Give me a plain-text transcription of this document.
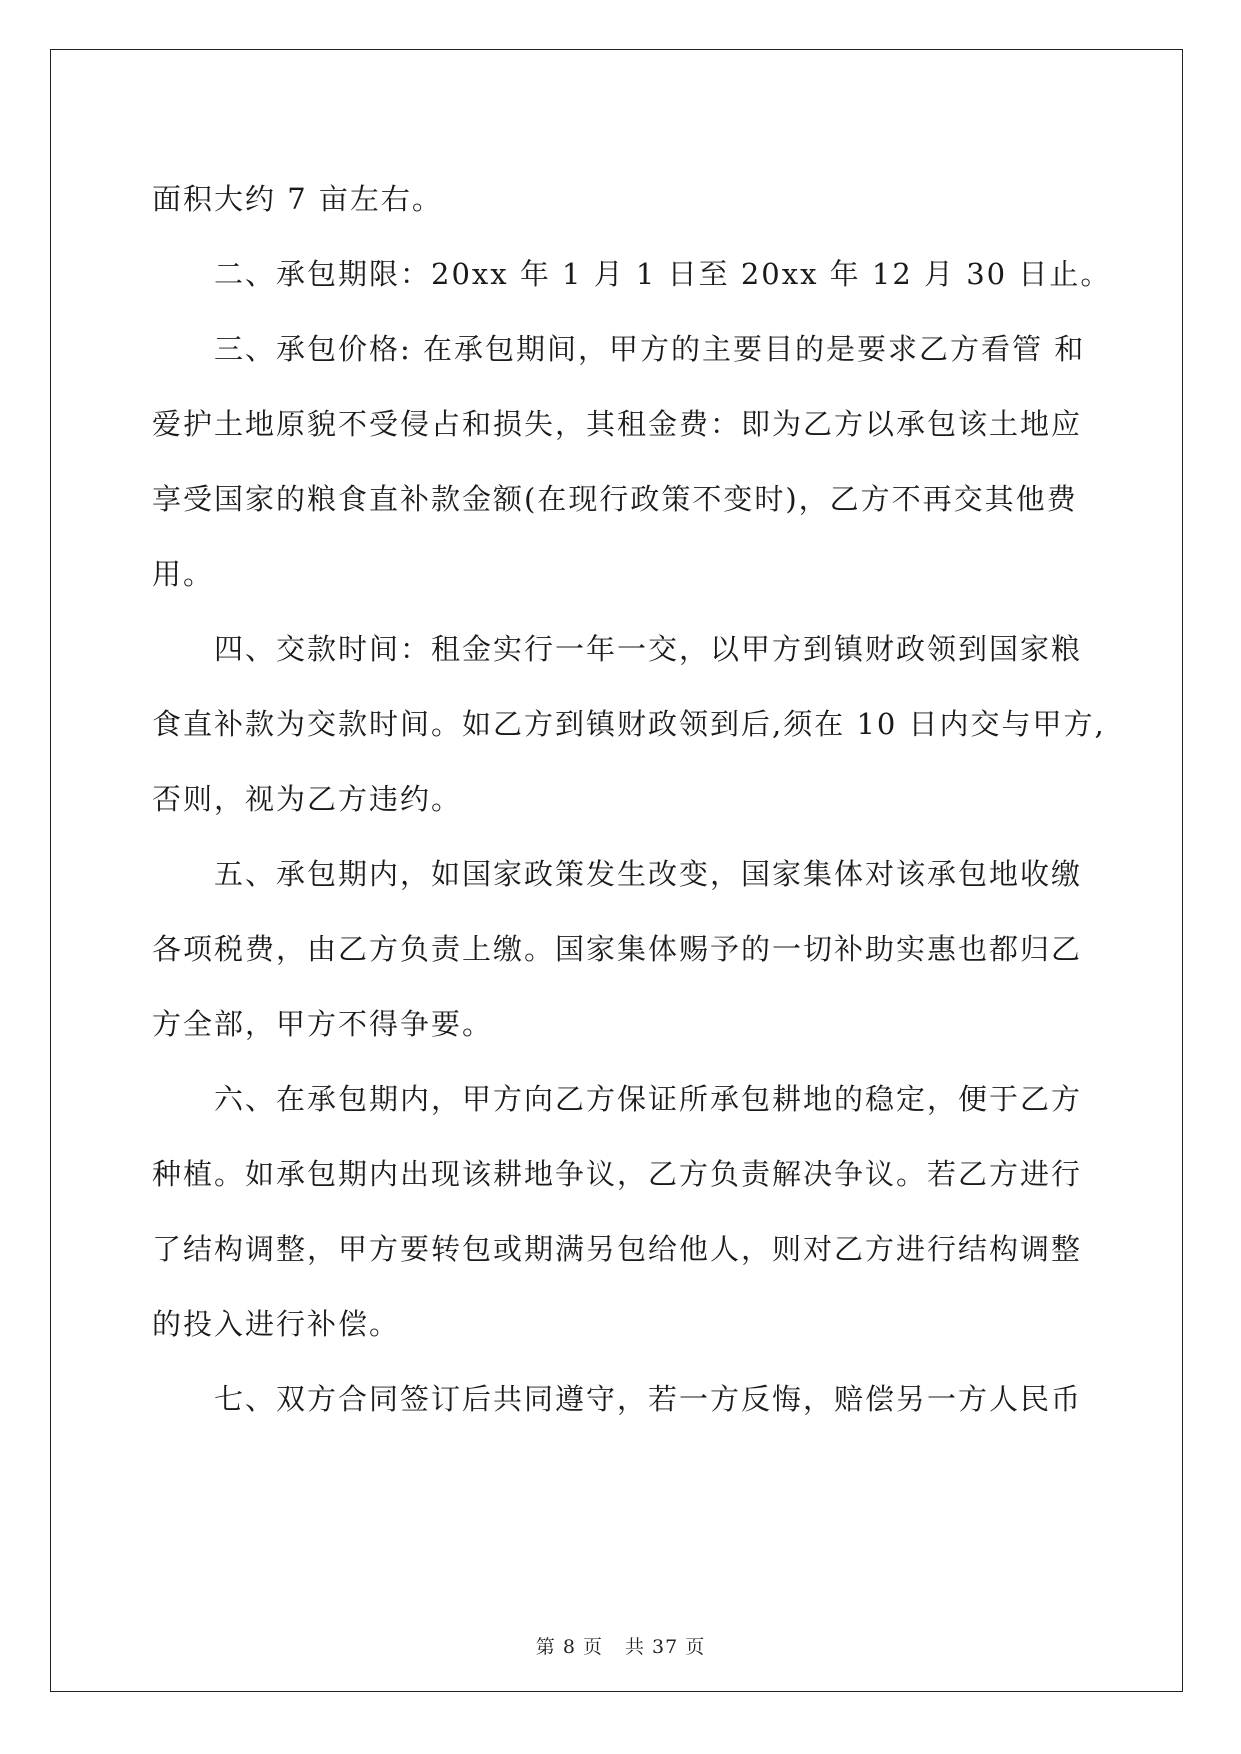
面积大约 7 亩左右。
二、承包期限：20xx 年 1 月 1 日至 20xx 年 12 月 30 日止。
三、承包价格: 在承包期间，甲方的主要目的是要求乙方看管 和
爱护土地原貌不受侵占和损失，其租金费：即为乙方以承包该土地应
享受国家的粮食直补款金额(在现行政策不变时)，乙方不再交其他费
用。
四、交款时间：租金实行一年一交，以甲方到镇财政领到国家粮
食直补款为交款时间。如乙方到镇财政领到后,须在 10 日内交与甲方,
否则，视为乙方违约。
五、承包期内，如国家政策发生改变，国家集体对该承包地收缴
各项税费，由乙方负责上缴。国家集体赐予的一切补助实惠也都归乙
方全部，甲方不得争要。
六、在承包期内，甲方向乙方保证所承包耕地的稳定，便于乙方
种植。如承包期内出现该耕地争议，乙方负责解决争议。若乙方进行
了结构调整，甲方要转包或期满另包给他人，则对乙方进行结构调整
的投入进行补偿。
七、双方合同签订后共同遵守，若一方反悔，赔偿另一方人民币

第 8 页 共 37 页
